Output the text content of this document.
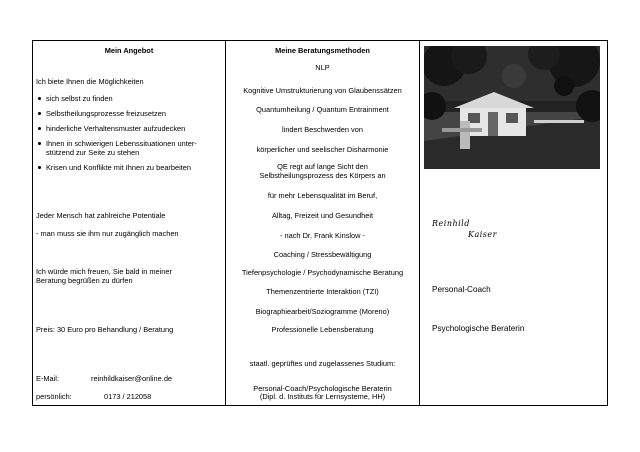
Mein Angebot
Ich biete Ihnen die Möglichkeiten
sich selbst zu finden
Selbstheilungsprozesse freizusetzen
hinderliche Verhaltensmuster aufzudecken
Ihnen in schwierigen Lebenssituationen unter-
stützend zur Seite zu stehen
Krisen und Konflikte mit Ihnen zu bearbeiten
Jeder Mensch hat zahlreiche Potentiale
- man muss sie ihm nur zugänglich machen
Ich würde mich freuen, Sie bald in meiner
Beratung begrüßen zu dürfen
Preis: 30 Euro pro Behandlung / Beratung
E-Mail:	reinhildkaiser@online.de
persönlich:	0173 / 212058
Meine Beratungsmethoden
NLP
Kognitive Umstrukturierung von Glaubenssätzen
Quantumheilung / Quantum Entrainment
lindert Beschwerden von
körperlicher und seelischer Disharmonie
QE regt auf lange Sicht den
Selbstheilungsprozess des Körpers an
für mehr Lebensqualität im Beruf,
Alltag, Freizeit und Gesundheit
- nach Dr. Frank Kinslow -
Coaching / Stressbewältigung
Tiefenpsychologie / Psychodynamische Beratung
Themenzentrierte Interaktion (TZI)
Biographiearbeit/Soziogramme (Moreno)
Professionelle Lebensberatung
staatl. geprüftes und zugelassenes Studium:
Personal-Coach/Psychologische Beraterin
(Dipl. d. Instituts für Lernsysteme, HH)
Reinhild
Kaiser
Personal-Coach
Psychologische Beraterin
